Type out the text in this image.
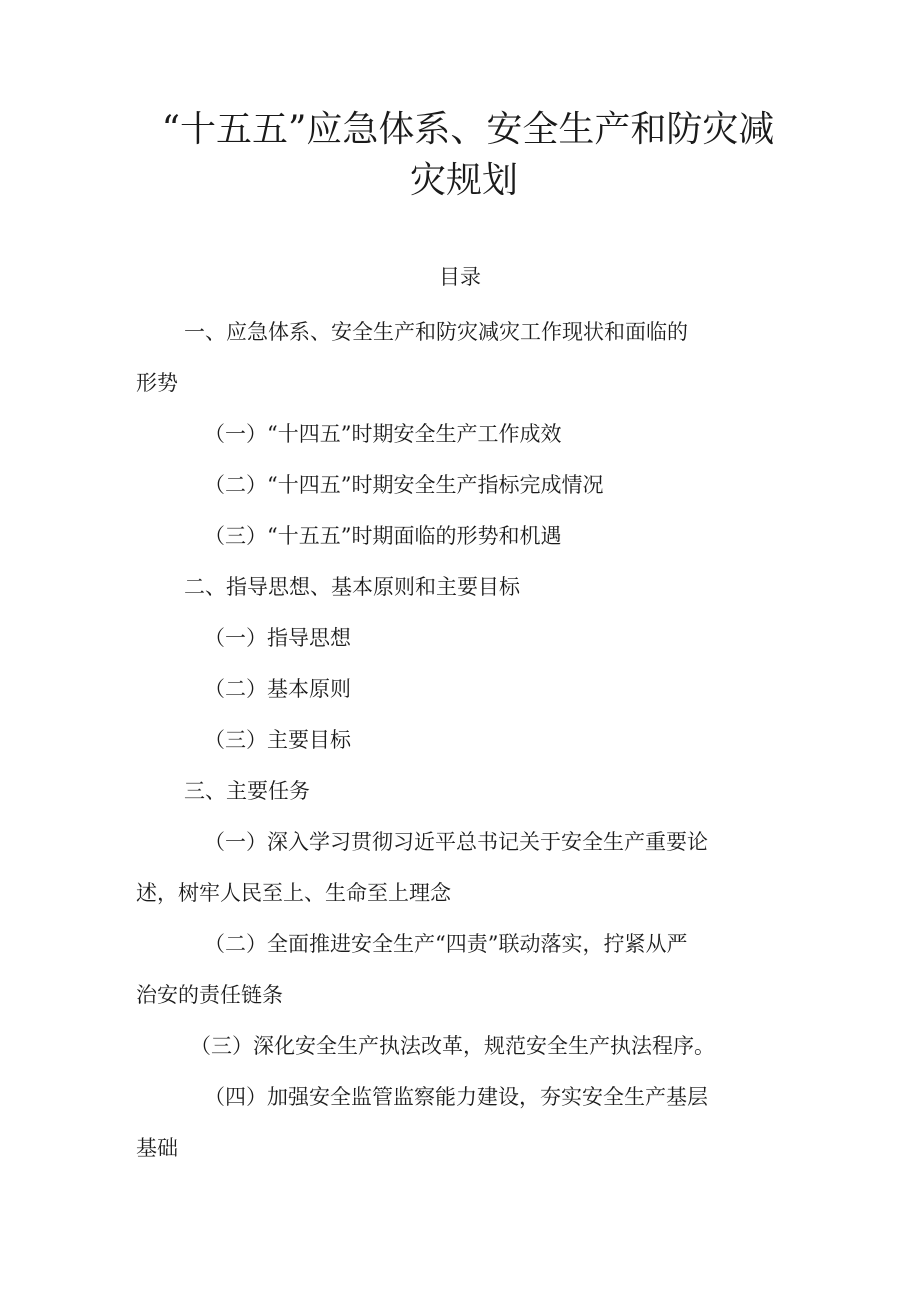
“十五五”应急体系、安全生产和防灾减
灾规划
目录
一、应急体系、安全生产和防灾减灾工作现状和面临的
形势
（一）“十四五”时期安全生产工作成效
（二）“十四五”时期安全生产指标完成情况
（三）“十五五”时期面临的形势和机遇
二、指导思想、基本原则和主要目标
（一）指导思想
（二）基本原则
（三）主要目标
三、主要任务
（一）深入学习贯彻习近平总书记关于安全生产重要论
述，树牢人民至上、生命至上理念
（二）全面推进安全生产“四责”联动落实，拧紧从严
治安的责任链条
（三）深化安全生产执法改革，规范安全生产执法程序。
（四）加强安全监管监察能力建设，夯实安全生产基层
基础
